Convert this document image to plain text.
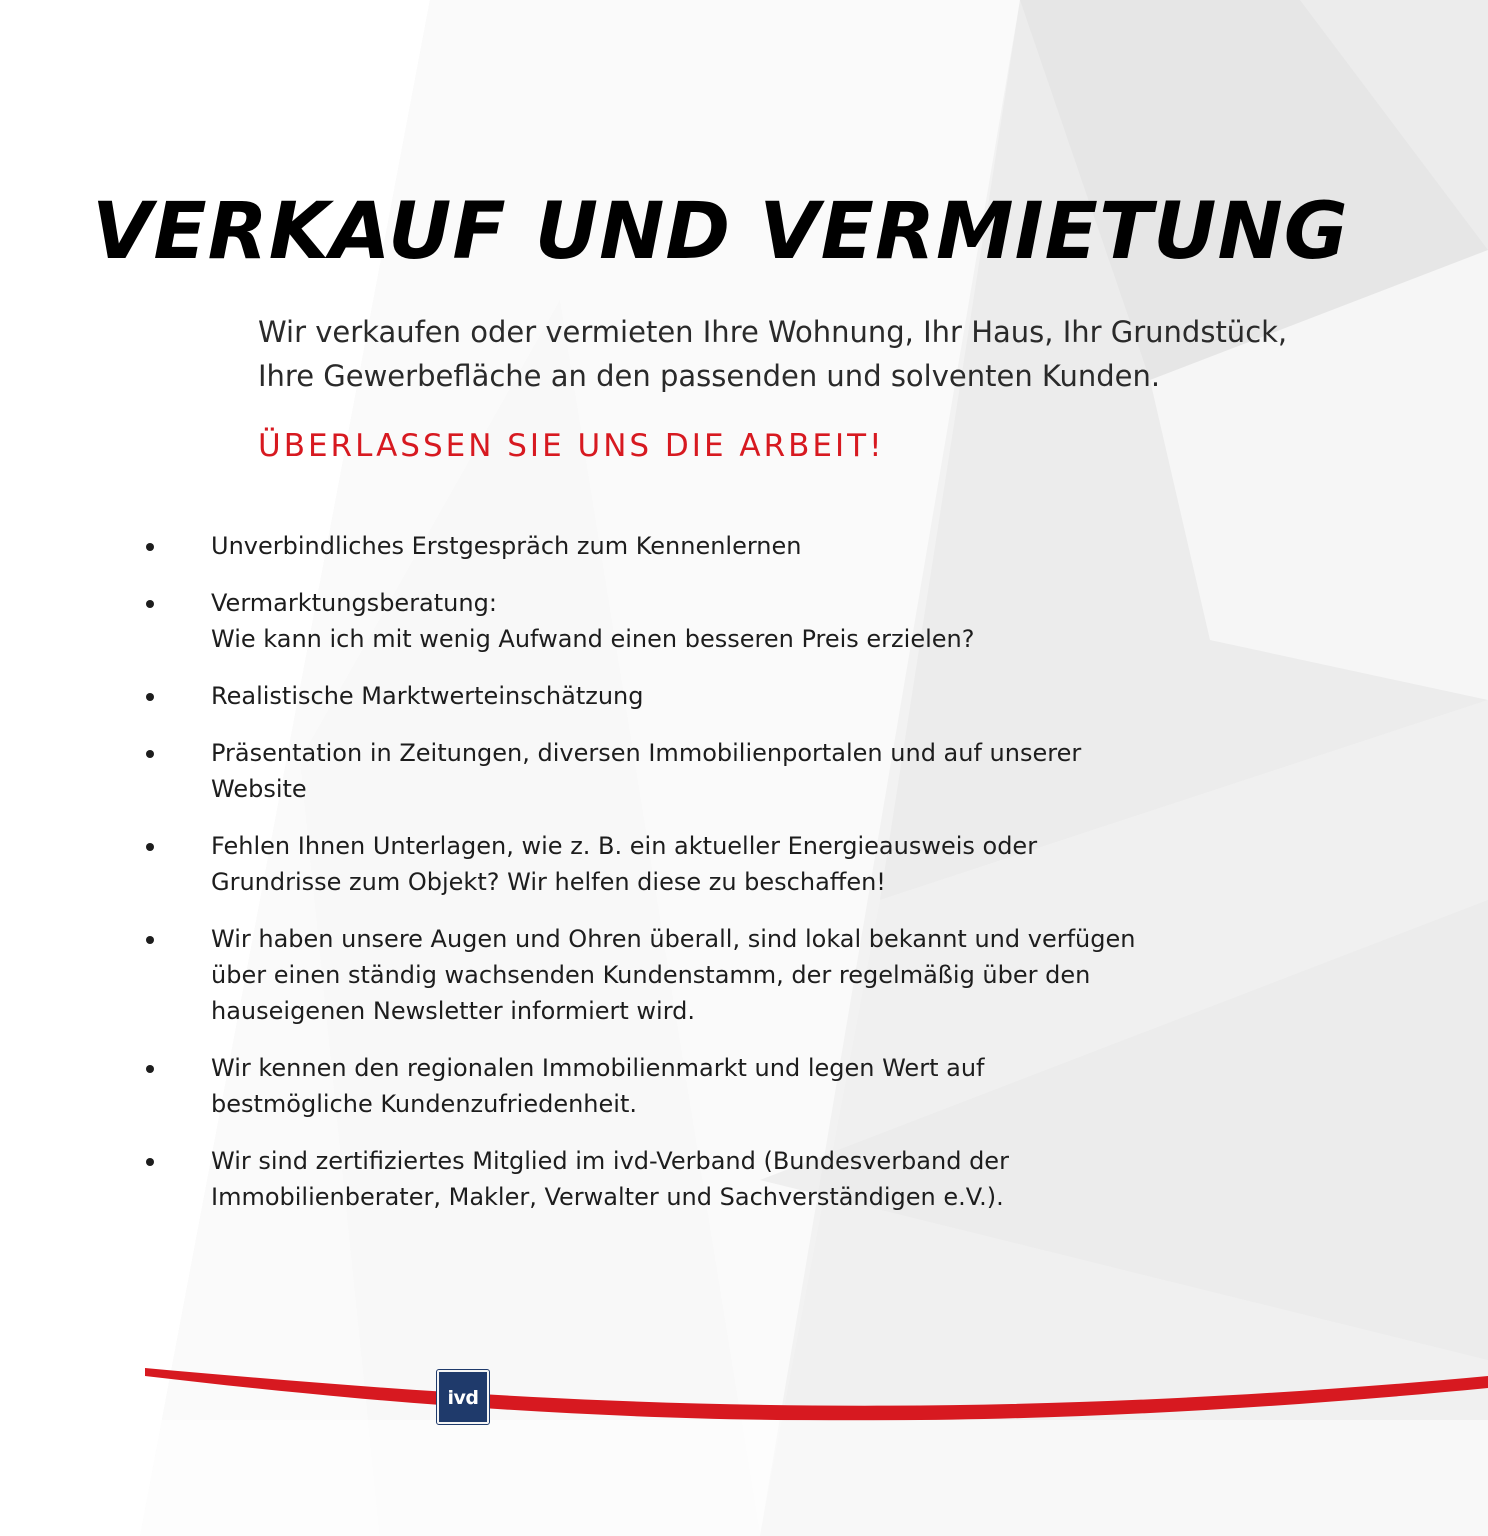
VERKAUF UND VERMIETUNG

Wir verkaufen oder vermieten Ihre Wohnung, Ihr Haus, Ihr Grundstück,
Ihre Gewerbefläche an den passenden und solventen Kunden.

ÜBERLASSEN SIE UNS DIE ARBEIT!

Unverbindliches Erstgespräch zum Kennenlernen
Vermarktungsberatung:
Wie kann ich mit wenig Aufwand einen besseren Preis erzielen?
Realistische Marktwerteinschätzung
Präsentation in Zeitungen, diversen Immobilienportalen und auf unserer
Website
Fehlen Ihnen Unterlagen, wie z. B. ein aktueller Energieausweis oder
Grundrisse zum Objekt? Wir helfen diese zu beschaffen!
Wir haben unsere Augen und Ohren überall, sind lokal bekannt und verfügen
über einen ständig wachsenden Kundenstamm, der regelmäßig über den
hauseigenen Newsletter informiert wird.
Wir kennen den regionalen Immobilienmarkt und legen Wert auf
bestmögliche Kundenzufriedenheit.
Wir sind zertifiziertes Mitglied im ivd-Verband (Bundesverband der
Immobilienberater, Makler, Verwalter und Sachverständigen e.V.).
ivd
